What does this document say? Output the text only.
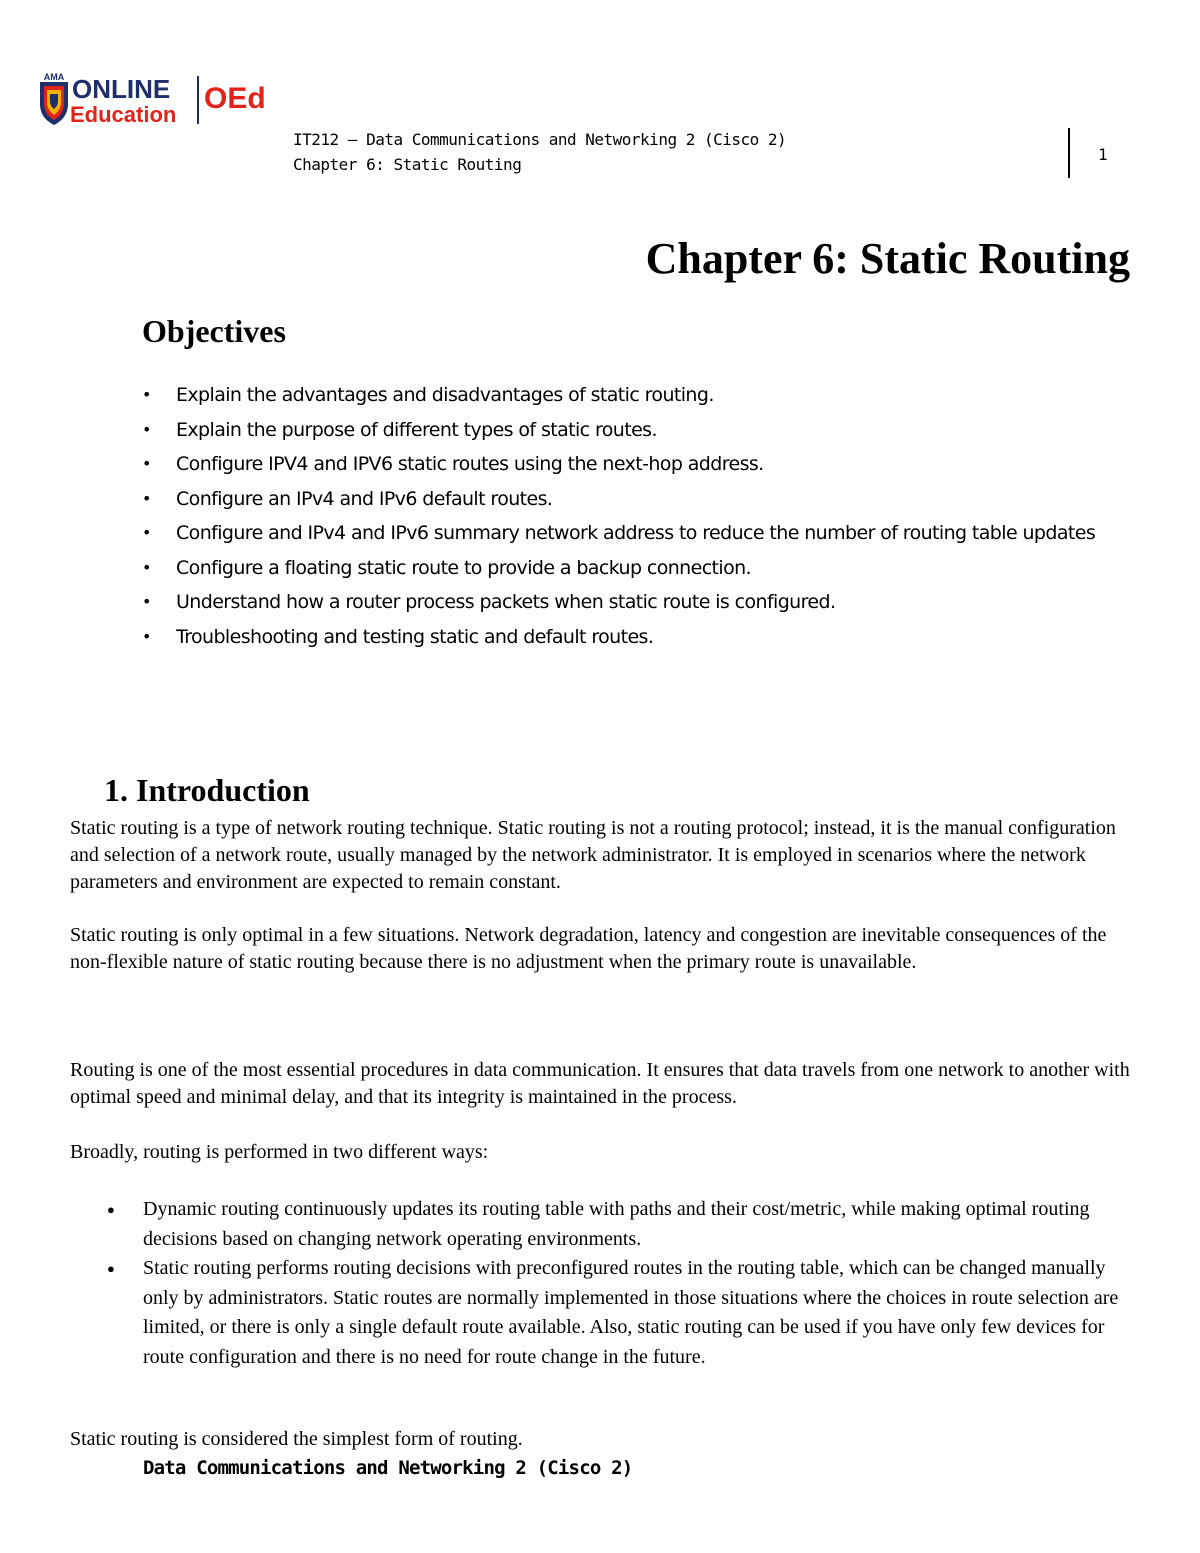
AMA ONLINE
Education OEd
IT212 – Data Communications and Networking 2 (Cisco 2)
Chapter 6: Static Routing
1
Chapter 6: Static Routing
Objectives
• Explain the advantages and disadvantages of static routing.
• Explain the purpose of different types of static routes.
• Configure IPV4 and IPV6 static routes using the next-hop address.
• Configure an IPv4 and IPv6 default routes.
• Configure and IPv4 and IPv6 summary network address to reduce the number of routing table updates
• Configure a floating static route to provide a backup connection.
• Understand how a router process packets when static route is configured.
• Troubleshooting and testing static and default routes.
1. Introduction

Static routing is a type of network routing technique. Static routing is not a routing protocol; instead, it is the manual configuration and selection of a network route, usually managed by the network administrator. It is employed in scenarios where the network parameters and environment are expected to remain constant.

Static routing is only optimal in a few situations. Network degradation, latency and congestion are inevitable consequences of the non-flexible nature of static routing because there is no adjustment when the primary route is unavailable.

Routing is one of the most essential procedures in data communication. It ensures that data travels from one network to another with optimal speed and minimal delay, and that its integrity is maintained in the process.

Broadly, routing is performed in two different ways:

● Dynamic routing continuously updates its routing table with paths and their cost/metric, while making optimal routing decisions based on changing network operating environments.
● Static routing performs routing decisions with preconfigured routes in the routing table, which can be changed manually only by administrators. Static routes are normally implemented in those situations where the choices in route selection are limited, or there is only a single default route available. Also, static routing can be used if you have only few devices for route configuration and there is no need for route change in the future.

Static routing is considered the simplest form of routing.

Data Communications and Networking 2 (Cisco 2)
